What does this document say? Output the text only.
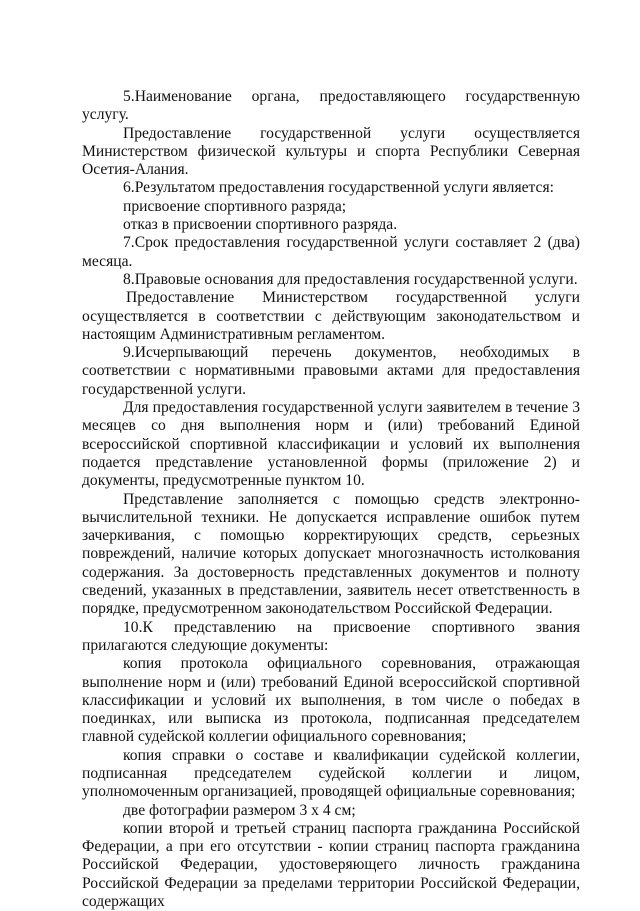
5.Наименование органа, предоставляющего государственную услугу.

Предоставление государственной услуги осуществляется Министерством физической культуры и спорта Республики Северная Осетия-Алания.

6.Результатом предоставления государственной услуги является:

присвоение спортивного разряда;

отказ в присвоении спортивного разряда.

7.Срок предоставления государственной услуги составляет 2 (два) месяца.

8.Правовые основания для предоставления государственной услуги.

Предоставление Министерством государственной услуги осуществляется в соответствии с действующим законодательством и настоящим Административным регламентом.

9.Исчерпывающий перечень документов, необходимых в соответствии с нормативными правовыми актами для предоставления государственной услуги.

Для предоставления государственной услуги заявителем в течение 3 месяцев со дня выполнения норм и (или) требований Единой всероссийской спортивной классификации и условий их выполнения подается представление установленной формы (приложение 2) и документы, предусмотренные пунктом 10.

Представление заполняется с помощью средств электронно-вычислительной техники. Не допускается исправление ошибок путем зачеркивания, с помощью корректирующих средств, серьезных повреждений, наличие которых допускает многозначность истолкования содержания. За достоверность представленных документов и полноту сведений, указанных в представлении, заявитель несет ответственность в порядке, предусмотренном законодательством Российской Федерации.

10.К представлению на присвоение спортивного звания прилагаются следующие документы:

копия протокола официального соревнования, отражающая выполнение норм и (или) требований Единой всероссийской спортивной классификации и условий их выполнения, в том числе о победах в поединках, или выписка из протокола, подписанная председателем главной судейской коллегии официального соревнования;

копия справки о составе и квалификации судейской коллегии, подписанная председателем судейской коллегии и лицом, уполномоченным организацией, проводящей официальные соревнования;

две фотографии размером 3 х 4 см;

копии второй и третьей страниц паспорта гражданина Российской Федерации, а при его отсутствии - копии страниц паспорта гражданина Российской Федерации, удостоверяющего личность гражданина Российской Федерации за пределами территории Российской Федерации, содержащих
